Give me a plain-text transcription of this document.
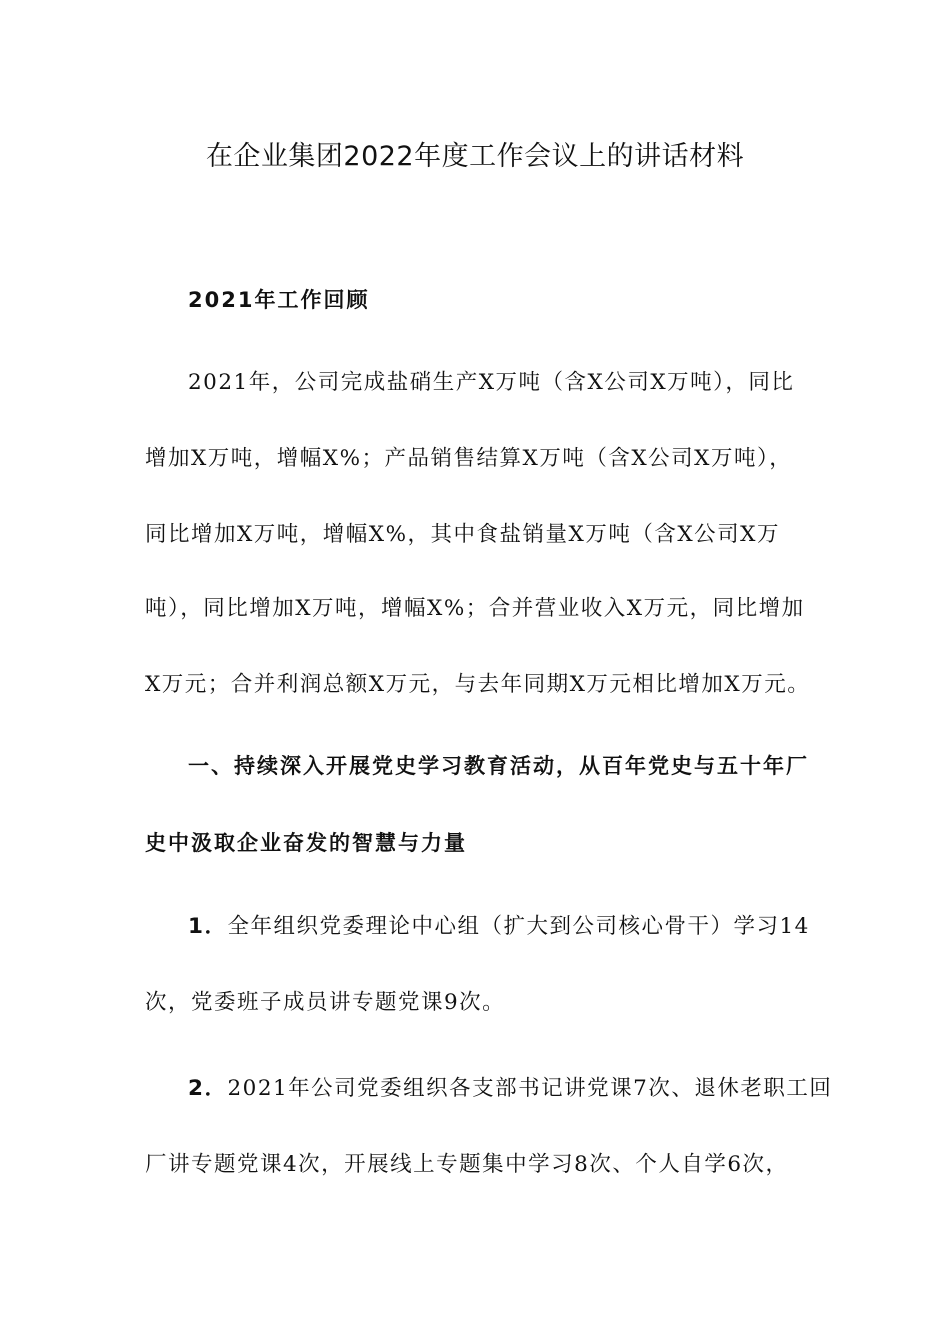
在企业集团2022年度工作会议上的讲话材料
2021年工作回顾
2021年，公司完成盐硝生产X万吨（含X公司X万吨），同比
增加X万吨，增幅X%；产品销售结算X万吨（含X公司X万吨），
同比增加X万吨，增幅X%，其中食盐销量X万吨（含X公司X万
吨），同比增加X万吨，增幅X%；合并营业收入X万元，同比增加
X万元；合并利润总额X万元，与去年同期X万元相比增加X万元。
一、持续深入开展党史学习教育活动，从百年党史与五十年厂
史中汲取企业奋发的智慧与力量
1．全年组织党委理论中心组（扩大到公司核心骨干）学习14
次，党委班子成员讲专题党课9次。
2．2021年公司党委组织各支部书记讲党课7次、退休老职工回
厂讲专题党课4次，开展线上专题集中学习8次、个人自学6次，
